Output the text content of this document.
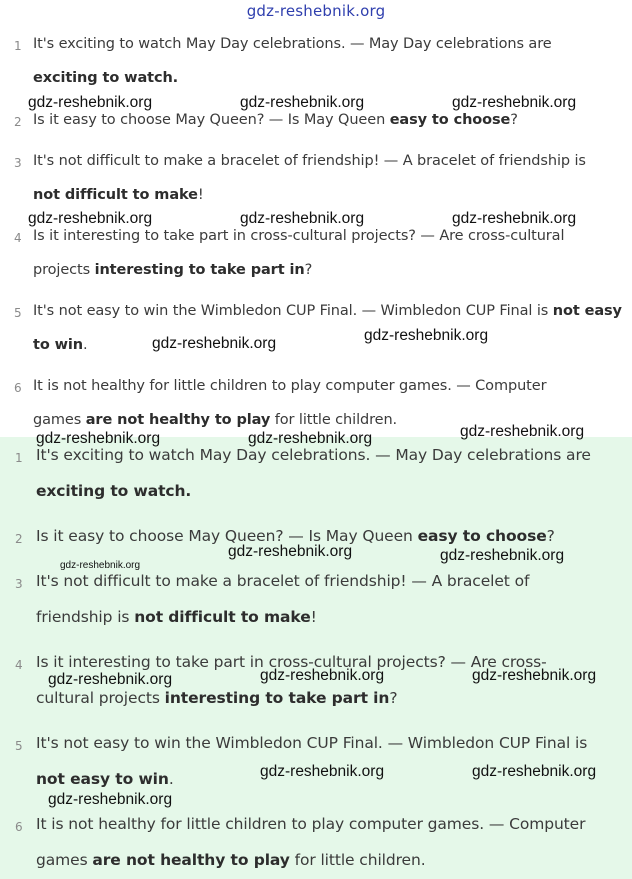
gdz-reshebnik.org
1 It's exciting to watch May Day celebrations. — May Day celebrations are
exciting to watch.
2 Is it easy to choose May Queen? — Is May Queen easy to choose?
3 It's not difficult to make a bracelet of friendship! — A bracelet of friendship is
not difficult to make!
4 Is it interesting to take part in cross-cultural projects? — Are cross-cultural
projects interesting to take part in?
5 It's not easy to win the Wimbledon CUP Final. — Wimbledon CUP Final is not easy
to win.
6 It is not healthy for little children to play computer games. — Computer
games are not healthy to play for little children.
1 It's exciting to watch May Day celebrations. — May Day celebrations are
exciting to watch.
2 Is it easy to choose May Queen? — Is May Queen easy to choose?
3 It's not difficult to make a bracelet of friendship! — A bracelet of
friendship is not difficult to make!
4 Is it interesting to take part in cross-cultural projects? — Are cross-
cultural projects interesting to take part in?
5 It's not easy to win the Wimbledon CUP Final. — Wimbledon CUP Final is
not easy to win.
6 It is not healthy for little children to play computer games. — Computer
games are not healthy to play for little children.
gdz-reshebnik.org	gdz-reshebnik.org	gdz-reshebnik.org
gdz-reshebnik.org	gdz-reshebnik.org	gdz-reshebnik.org
gdz-reshebnik.org	gdz-reshebnik.org
gdz-reshebnik.org	gdz-reshebnik.org	gdz-reshebnik.org
gdz-reshebnik.org
gdz-reshebnik.org	gdz-reshebnik.org
gdz-reshebnik.org	gdz-reshebnik.org	gdz-reshebnik.org
gdz-reshebnik.org	gdz-reshebnik.org
gdz-reshebnik.org
